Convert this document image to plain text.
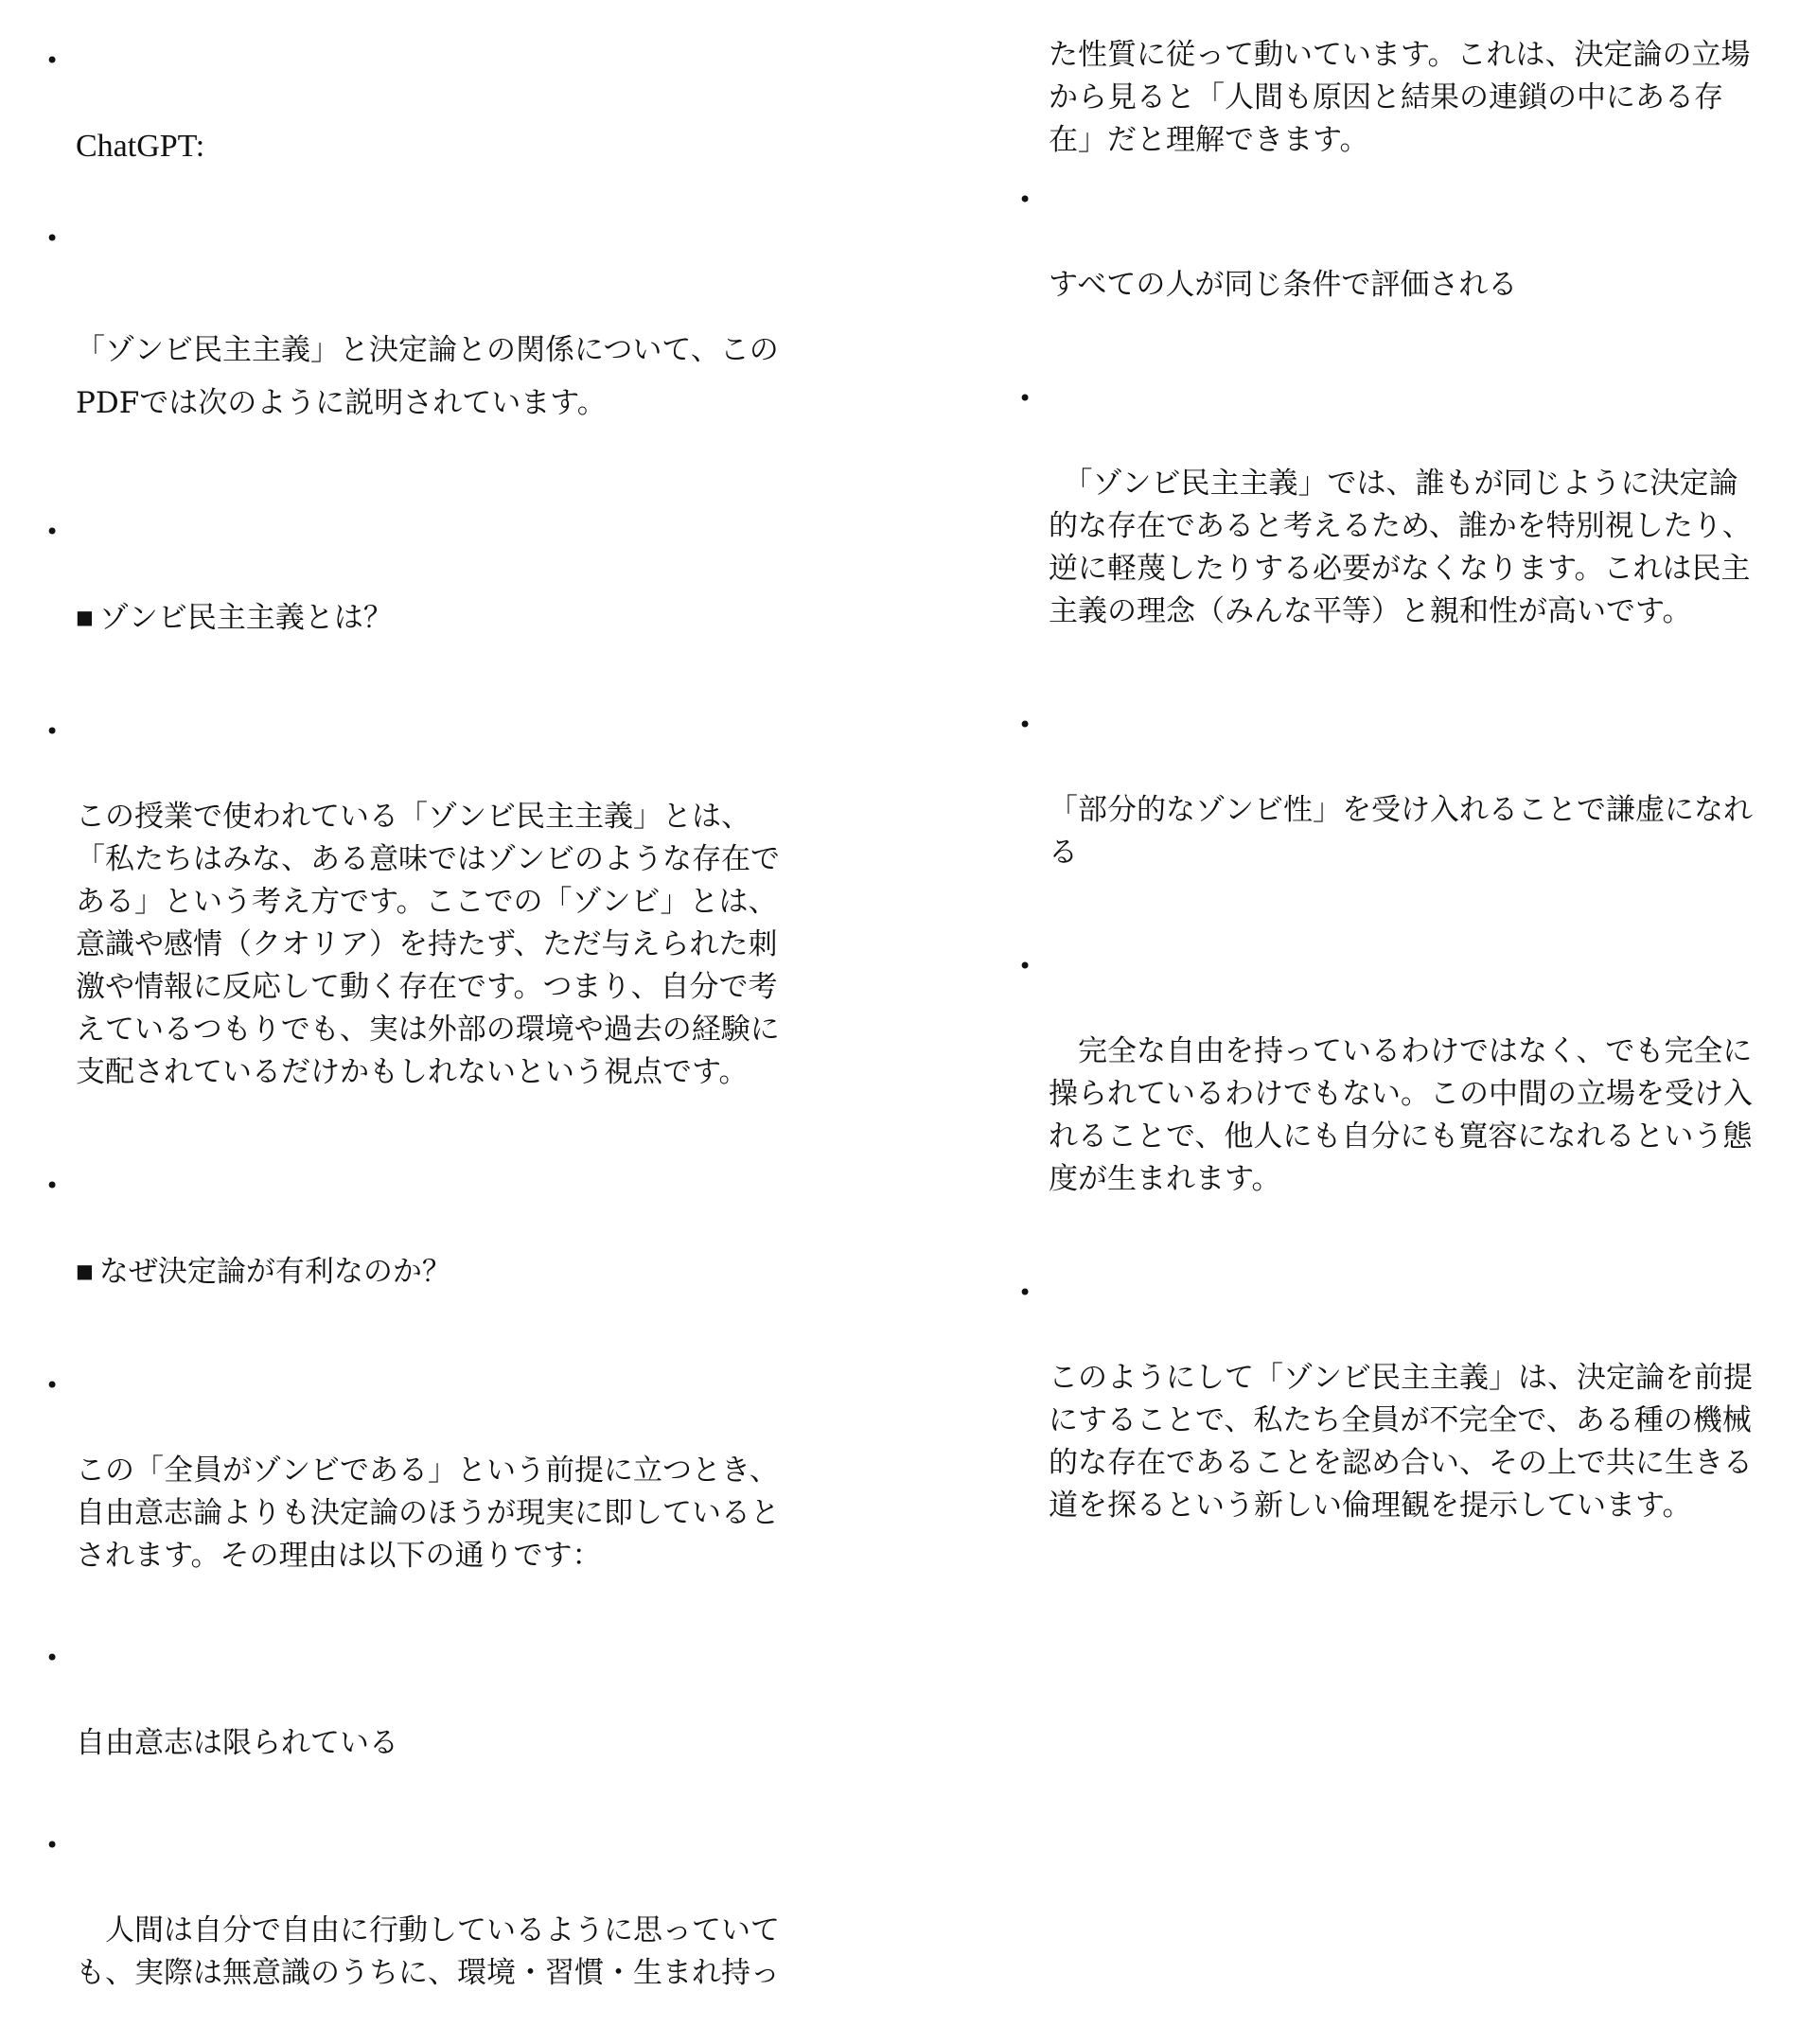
•

ChatGPT:

•

「ゾンビ民主主義」と決定論との関係について、この
PDFでは次のように説明されています。

•

■ ゾンビ民主主義とは？

•

この授業で使われている「ゾンビ民主主義」とは、
「私たちはみな、ある意味ではゾンビのような存在で
ある」という考え方です。ここでの「ゾンビ」とは、
意識や感情（クオリア）を持たず、ただ与えられた刺
激や情報に反応して動く存在です。つまり、自分で考
えているつもりでも、実は外部の環境や過去の経験に
支配されているだけかもしれないという視点です。

•

■ なぜ決定論が有利なのか？

•

この「全員がゾンビである」という前提に立つとき、
自由意志論よりも決定論のほうが現実に即していると
されます。その理由は以下の通りです：

•

自由意志は限られている

•

　人間は自分で自由に行動しているように思っていて
も、実際は無意識のうちに、環境・習慣・生まれ持っ

た性質に従って動いています。これは、決定論の立場
から見ると「人間も原因と結果の連鎖の中にある存
在」だと理解できます。

•

すべての人が同じ条件で評価される

•

　「ゾンビ民主主義」では、誰もが同じように決定論
的な存在であると考えるため、誰かを特別視したり、
逆に軽蔑したりする必要がなくなります。これは民主
主義の理念（みんな平等）と親和性が高いです。

•

「部分的なゾンビ性」を受け入れることで謙虚になれ
る

•

　完全な自由を持っているわけではなく、でも完全に
操られているわけでもない。この中間の立場を受け入
れることで、他人にも自分にも寛容になれるという態
度が生まれます。

•

このようにして「ゾンビ民主主義」は、決定論を前提
にすることで、私たち全員が不完全で、ある種の機械
的な存在であることを認め合い、その上で共に生きる
道を探るという新しい倫理観を提示しています。
